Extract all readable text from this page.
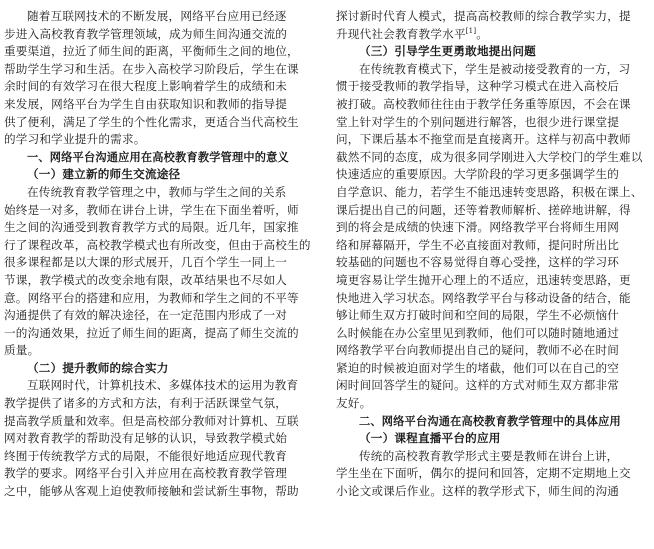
随着互联网技术的不断发展，网络平台应用已经逐
步进入高校教育教学管理领域，成为师生间沟通交流的
重要渠道，拉近了师生间的距离，平衡师生之间的地位，
帮助学生学习和生活。在步入高校学习阶段后，学生在课
余时间的有效学习在很大程度上影响着学生的成绩和未
来发展，网络平台为学生自由获取知识和教师的指导提
供了便利，满足了学生的个性化需求，更适合当代高校生
的学习和学业提升的需求。
一、网络平台沟通应用在高校教育教学管理中的意义
（一）建立新的师生交流途径
在传统教育教学管理之中，教师与学生之间的关系
始终是一对多，教师在讲台上讲，学生在下面坐着听，师
生之间的沟通受到教育教学方式的局限。近几年，国家推
行了课程改革，高校教学模式也有所改变，但由于高校生的
很多课程都是以大课的形式展开，几百个学生一同上一
节课，教学模式的改变余地有限，改革结果也不尽如人
意。网络平台的搭建和应用，为教师和学生之间的不平等
沟通提供了有效的解决途径，在一定范围内形成了一对
一的沟通效果，拉近了师生间的距离，提高了师生交流的
质量。
（二）提升教师的综合实力
互联网时代，计算机技术、多媒体技术的运用为教育
教学提供了诸多的方式和方法，有利于活跃课堂气氛，
提高教学质量和效率。但是高校部分教师对计算机、互联
网对教育教学的帮助没有足够的认识，导致教学模式始
终囿于传统教学方式的局限，不能很好地适应现代教育
教学的要求。网络平台引入并应用在高校教育教学管理
之中，能够从客观上迫使教师接触和尝试新生事物，帮助
探讨新时代育人模式，提高高校教师的综合教学实力，提
升现代社会教育教学水平[1]。
（三）引导学生更勇敢地提出问题
在传统教育模式下，学生是被动接受教育的一方，习
惯于接受教师的教学指导，这种学习模式在进入高校后
被打破。高校教师往往由于教学任务重等原因，不会在课
堂上针对学生的个别问题进行解答，也很少进行课堂提
问，下课后基本不拖堂而是直接离开。这样与初高中教师
截然不同的态度，成为很多同学刚进入大学校门的学生难以
快速适应的重要原因。大学阶段的学习更多强调学生的
自学意识、能力，若学生不能迅速转变思路，积极在课上、
课后提出自己的问题，还等着教师解析、搓碎地讲解，得
到的将会是成绩的快速下滑。网络教学平台将师生用网
络和屏幕隔开，学生不必直接面对教师，提问时所出比
较基础的问题也不容易觉得自尊心受挫，这样的学习环
境更容易让学生抛开心理上的不适应，迅速转变思路，更
快地进入学习状态。网络教学平台与移动设备的结合，能
够让师生双方打破时间和空间的局限，学生不必烦恼什
么时候能在办公室里见到教师，他们可以随时随地通过
网络教学平台向教师提出自己的疑问，教师不必在时间
紧迫的时候被迫面对学生的堵截，他们可以在自己的空
闲时间回答学生的疑问。这样的方式对师生双方都非常
友好。
二、网络平台沟通在高校教育教学管理中的具体应用
（一）课程直播平台的应用
传统的高校教育教学形式主要是教师在讲台上讲，
学生坐在下面听，偶尔的提问和回答，定期不定期地上交
小论文或课后作业。这样的教学形式下，师生间的沟通
